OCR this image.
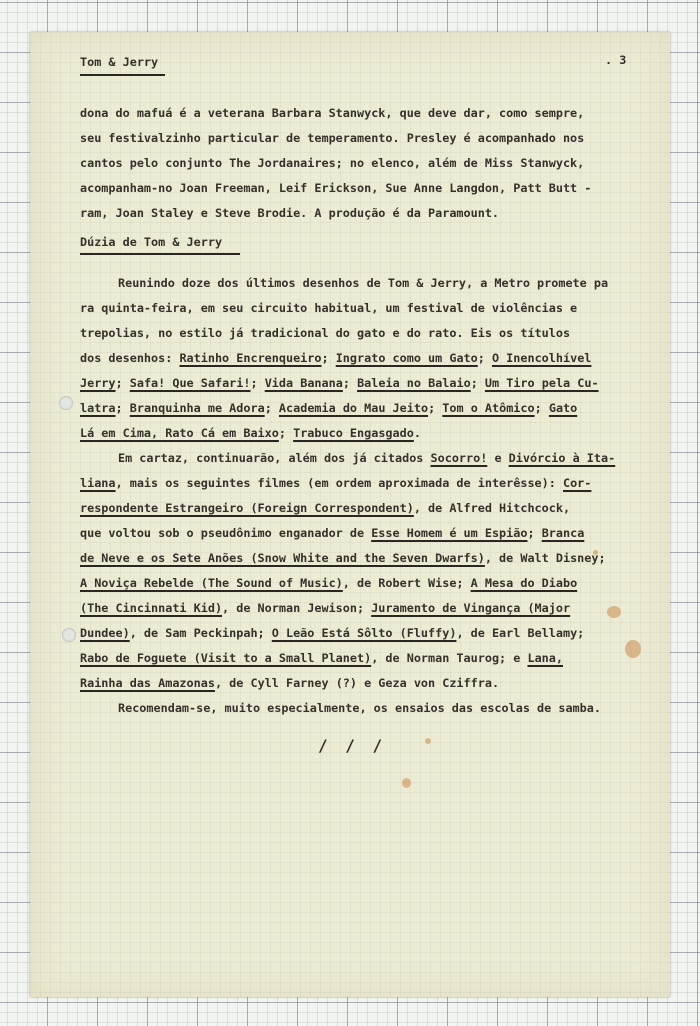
Tom & Jerry	. 3
dona do mafuá é a veterana Barbara Stanwyck, que deve dar, como sempre,
seu festivalzinho particular de temperamento. Presley é acompanhado nos
cantos pelo conjunto The Jordanaires; no elenco, além de Miss Stanwyck,
acompanham-no Joan Freeman, Leif Erickson, Sue Anne Langdon, Patt Butt -
ram, Joan Staley e Steve Brodie. A produção é da Paramount.
Dúzia de Tom & Jerry
Reunindo doze dos últimos desenhos de Tom & Jerry, a Metro promete pa
ra quinta-feira, em seu circuito habitual, um festival de violências e
trepolias, no estilo já tradicional do gato e do rato. Eis os títulos
dos desenhos: Ratinho Encrenqueiro; Ingrato como um Gato; O Inencolhível
Jerry; Safa! Que Safari!; Vida Banana; Baleia no Balaio; Um Tiro pela Cu-
latra; Branquinha me Adora; Academia do Mau Jeito; Tom o Atômico; Gato
Lá em Cima, Rato Cá em Baixo; Trabuco Engasgado.
Em cartaz, continuarão, além dos já citados Socorro! e Divórcio à Ita-
liana, mais os seguintes filmes (em ordem aproximada de interêsse): Cor-
respondente Estrangeiro (Foreign Correspondent), de Alfred Hitchcock,
que voltou sob o pseudônimo enganador de Esse Homem é um Espião; Branca
de Neve e os Sete Anões (Snow White and the Seven Dwarfs), de Walt Disney;
A Noviça Rebelde (The Sound of Music), de Robert Wise; A Mesa do Diabo
(The Cincinnati Kid), de Norman Jewison; Juramento de Vingança (Major
Dundee), de Sam Peckinpah; O Leão Está Sôlto (Fluffy), de Earl Bellamy;
Rabo de Foguete (Visit to a Small Planet), de Norman Taurog; e Lana,
Rainha das Amazonas, de Cyll Farney (?) e Geza von Cziffra.
Recomendam-se, muito especialmente, os ensaios das escolas de samba.
/ / /
